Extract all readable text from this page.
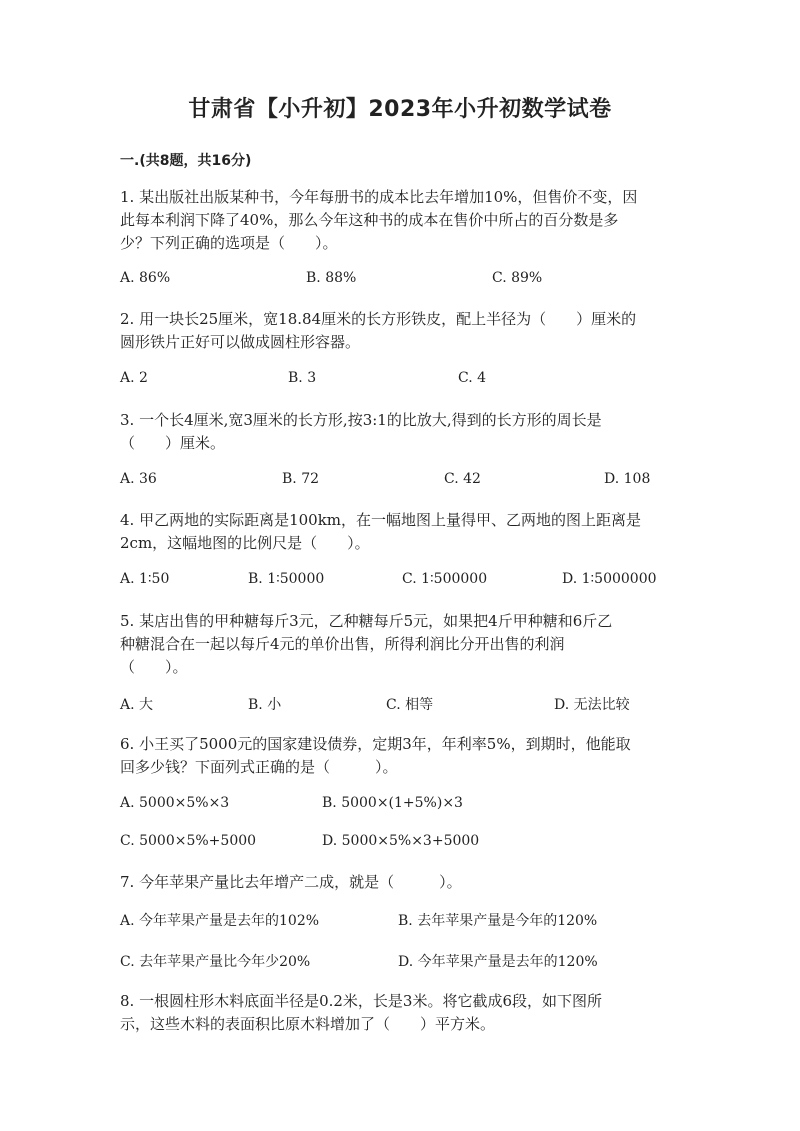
甘肃省【小升初】2023年小升初数学试卷
一.(共8题，共16分)
1. 某出版社出版某种书，今年每册书的成本比去年增加10%，但售价不变，因
此每本利润下降了40%，那么今年这种书的成本在售价中所占的百分数是多
少？下列正确的选项是（　　）。
A. 86%	B. 88%	C. 89%
2. 用一块长25厘米，宽18.84厘米的长方形铁皮，配上半径为（　　）厘米的
圆形铁片正好可以做成圆柱形容器。
A. 2	B. 3	C. 4
3. 一个长4厘米,宽3厘米的长方形,按3:1的比放大,得到的长方形的周长是
（　　）厘米。
A. 36	B. 72	C. 42	D. 108
4. 甲乙两地的实际距离是100km，在一幅地图上量得甲、乙两地的图上距离是
2cm，这幅地图的比例尺是（　　）。
A. 1∶50	B. 1∶50000	C. 1∶500000	D. 1∶5000000
5. 某店出售的甲种糖每斤3元，乙种糖每斤5元，如果把4斤甲种糖和6斤乙
种糖混合在一起以每斤4元的单价出售，所得利润比分开出售的利润
（　　）。
A. 大	B. 小	C. 相等	D. 无法比较
6. 小王买了5000元的国家建设债券，定期3年，年利率5%，到期时，他能取
回多少钱？下面列式正确的是（　　　）。
A. 5000×5%×3	B. 5000×(1+5%)×3
C. 5000×5%+5000	D. 5000×5%×3+5000
7. 今年苹果产量比去年增产二成，就是（　　　）。
A. 今年苹果产量是去年的102%	B. 去年苹果产量是今年的120%
C. 去年苹果产量比今年少20%	D. 今年苹果产量是去年的120%
8. 一根圆柱形木料底面半径是0.2米，长是3米。将它截成6段，如下图所
示，这些木料的表面积比原木料增加了（　　）平方米。
